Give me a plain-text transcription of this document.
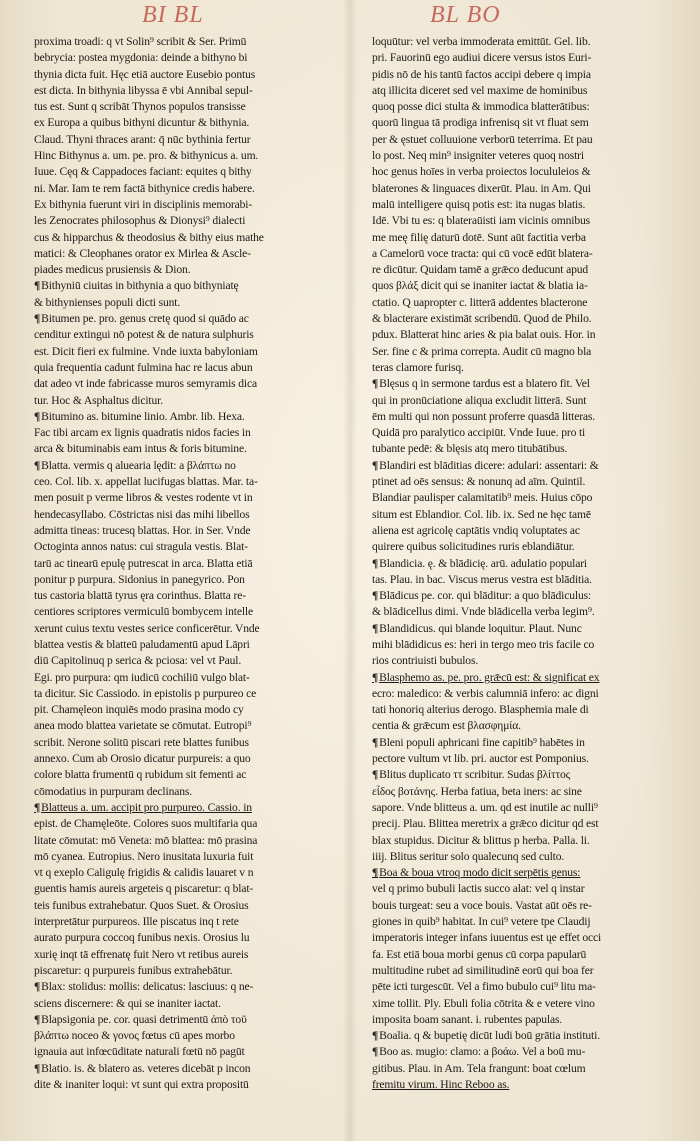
BI BL	BL BO
proxima troadi: q vt Solin⁹ scribit & Ser. Primū
bebrycia: postea mygdonia: deinde a bithyno bi
thynia dicta fuit. Hęc etiā auctore Eusebio pontus
est dicta. In bithynia libyssa ē vbi Annibal sepul-
tus est. Sunt q scribāt Thynos populos transisse
ex Europa a quibus bithyni dicuntur & bithynia.
Claud. Thyni thraces arant: q̄ nūc bythinia fertur
Hinc Bithynus a. um. pe. pro. & bithynicus a. um.
Iuue. Cęq & Cappadoces faciant: equites q bithy
ni. Mar. Iam te rem factā bithynice credis habere.
Ex bithynia fuerunt viri in disciplinis memorabi-
les Zenocrates philosophus & Dionysi⁹ dialecti
cus & hipparchus & theodosius & bithy eius mathe
matici: & Cleophanes orator ex Mirlea & Ascle-
piades medicus prusiensis & Dion.
¶Bithyniū ciuitas in bithynia a quo bithyniatę
& bithynienses populi dicti sunt.
¶Bitumen pe. pro. genus cretę quod si quādo ac
cenditur extingui nō potest & de natura sulphuris
est. Dicit fieri ex fulmine. Vnde iuxta babyloniam
quia frequentia cadunt fulmina hac re lacus abun
dat adeo vt inde fabricasse muros semyramis dica
tur. Hoc & Asphaltus dicitur.
¶Bitumino as. bitumine linio. Ambr. lib. Hexa.
Fac tibi arcam ex lignis quadratis nidos facies in
arca & bituminabis eam intus & foris bitumine.
¶Blatta. vermis q aluearia lędit: a βλάπτω no
ceo. Col. lib. x. appellat lucifugas blattas. Mar. ta-
men posuit p verme libros & vestes rodente vt in
hendecasyllabo. Cōstrictas nisi das mihi libellos
admitta tineas: trucesq blattas. Hor. in Ser. Vnde
Octoginta annos natus: cui stragula vestis. Blat-
tarū ac tinearū epulę putrescat in arca. Blatta etiā
ponitur p purpura. Sidonius in panegyrico. Pon
tus castoria blattā tyrus ęra corinthus. Blatta re-
centiores scriptores vermiculū bombycem intelle
xerunt cuius textu vestes serice conficerētur. Vnde
blattea vestis & blatteū paludamentū apud Lāpri
diū Capitolinuq p serica & pciosa: vel vt Paul.
Egi. pro purpura: qm iudicū cochiliū vulgo blat-
ta dicitur. Sic Cassiodo. in epistolis p purpureo ce
pit. Chamęleon inquiēs modo prasina modo cy
anea modo blattea varietate se cōmutat. Eutropi⁹
scribit. Nerone solitū piscari rete blattes funibus
annexo. Cum ab Orosio dicatur purpureis: a quo
colore blatta frumentū q rubidum sit fementi ac
cōmodatius in purpuram declinans.
¶Blatteus a. um. accipit pro purpureo. Cassio. in
epist. de Chamęleōte. Colores suos multifaria qua
litate cōmutat: mō Veneta: mō blattea: mō prasina
mō cyanea. Eutropius. Nero inusitata luxuria fuit
vt q exeplo Caligulę frigidis & calidis lauaret v n
guentis hamis aureis argeteis q piscaretur: q blat-
teis funibus extrahebatur. Quos Suet. & Orosius
interpretātur purpureos. Ille piscatus inq t rete
aurato purpura coccoq funibus nexis. Orosius lu
xurię inqt tā effrenatę fuit Nero vt retibus aureis
piscaretur: q purpureis funibus extrahebātur.
¶Blax: stolidus: mollis: delicatus: lasciuus: q ne-
sciens discernere: & qui se inaniter iactat.
¶Blapsigonia pe. cor. quasi detrimentū ἀπὸ τοῦ
βλάπτω noceo & γονος fœtus cū apes morbo
ignauia aut infœcūditate naturali fœtū nō pagūt
¶Blatio. is. & blatero as. veteres dicebāt p incon
dite & inaniter loqui: vt sunt qui extra propositū
loquūtur: vel verba immoderata emittūt. Gel. lib.
pri. Fauorinū ego audiui dicere versus istos Euri-
pidis nō de his tantū factos accipi debere q impia
atq illicita diceret sed vel maxime de hominibus
quoq posse dici stulta & immodica blatterātibus:
quorū lingua tā prodiga infrenisq sit vt fluat sem
per & ęstuet colluuione verborū teterrima. Et pau
lo post. Neq min⁹ insigniter veteres quoq nostri
hoc genus hoīes in verba proiectos locululeios &
blaterones & linguaces dixerūt. Plau. in Am. Qui
malū intelligere quisq potis est: ita nugas blatis.
Idē. Vbi tu es: q blateraūisti iam vicinis omnibus
me meę filię daturū dotē. Sunt aūt factitia verba
a Camelorū voce tracta: qui cū vocē edūt blatera-
re dicūtur. Quidam tamē a grǣco deducunt apud
quos βλάξ dicit qui se inaniter iactat & blatia ia-
ctatio. Q uapropter c. litterā addentes blacterone
& blacterare existimāt scribendū. Quod de Philo.
pdux. Blatterat hinc aries & pia balat ouis. Hor. in
Ser. fine c & prima correpta. Audit cū magno bla
teras clamore furisq.
¶Blęsus q in sermone tardus est a blatero fit. Vel
qui in pronūciatione aliqua excludit litterā. Sunt
ēm multi qui non possunt proferre quasdā litteras.
Quidā pro paralytico accipiūt. Vnde Iuue. pro ti
tubante pedē: & blęsis atq mero titubātibus.
¶Blandiri est blāditias dicere: adulari: assentari: &
ptinet ad oēs sensus: & nonunq ad aīm. Quintil.
Blandiar paulisper calamitatib⁹ meis. Huius cōpo
situm est Eblandior. Col. lib. ix. Sed ne hęc tamē
aliena est agricolę captātis vndiq voluptates ac
quirere quibus solicitudines ruris eblandiātur.
¶Blandicia. ę. & blādicię. arū. adulatio populari
tas. Plau. in bac. Viscus merus vestra est blāditia.
¶Blādicus pe. cor. qui blāditur: a quo blādiculus:
& blādicellus dimi. Vnde blādicella verba legim⁹.
¶Blandidicus. qui blande loquitur. Plaut. Nunc
mihi blādidicus es: heri in tergo meo tris facile co
rios contriuisti bubulos.
¶Blasphemo as. pe. pro. grǣcū est: & significat ex
ecro: maledico: & verbis calumniā infero: ac digni
tati honoriq alterius derogo. Blasphemia male di
centia & grǣcum est βλασφημία.
¶Bleni populi aphricani fine capitib⁹ habētes in
pectore vultum vt lib. pri. auctor est Pomponius.
¶Blitus duplicato ττ scribitur. Sudas βλίττος
εἶδος βοτάνης. Herba fatiua, beta iners: ac sine
sapore. Vnde blitteus a. um. qd est inutile ac nulli⁹
precij. Plau. Blittea meretrix a grǣco dicitur qd est
blax stupidus. Dicitur & blittus p herba. Palla. li.
iiij. Blitus seritur solo qualecunq sed culto.
¶Boa & boua vtroq modo dicit serpētis genus:
vel q primo bubuli lactis succo alat: vel q instar
bouis turgeat: seu a voce bouis. Vastat aūt oēs re-
giones in quib⁹ habitat. In cui⁹ vetere tpe Claudij
imperatoris integer infans iuuentus est ųe effet occi
fa. Est etiā boua morbi genus cū corpa papularū
multitudine rubet ad similitudinē eorū qui boa fer
pēte icti turgescūt. Vel a fimo bubulo cui⁹ litu ma-
xime tollit. Ply. Ebuli folia cōtrita & e vetere vino
imposita boam sanant. i. rubentes papulas.
¶Boalia. q & bupetię dicūt ludi boū grātia instituti.
¶Boo as. mugio: clamo: a βοάω. Vel a boū mu-
gitibus. Plau. in Am. Tela frangunt: boat cœlum
fremitu virum. Hinc Reboo as.
